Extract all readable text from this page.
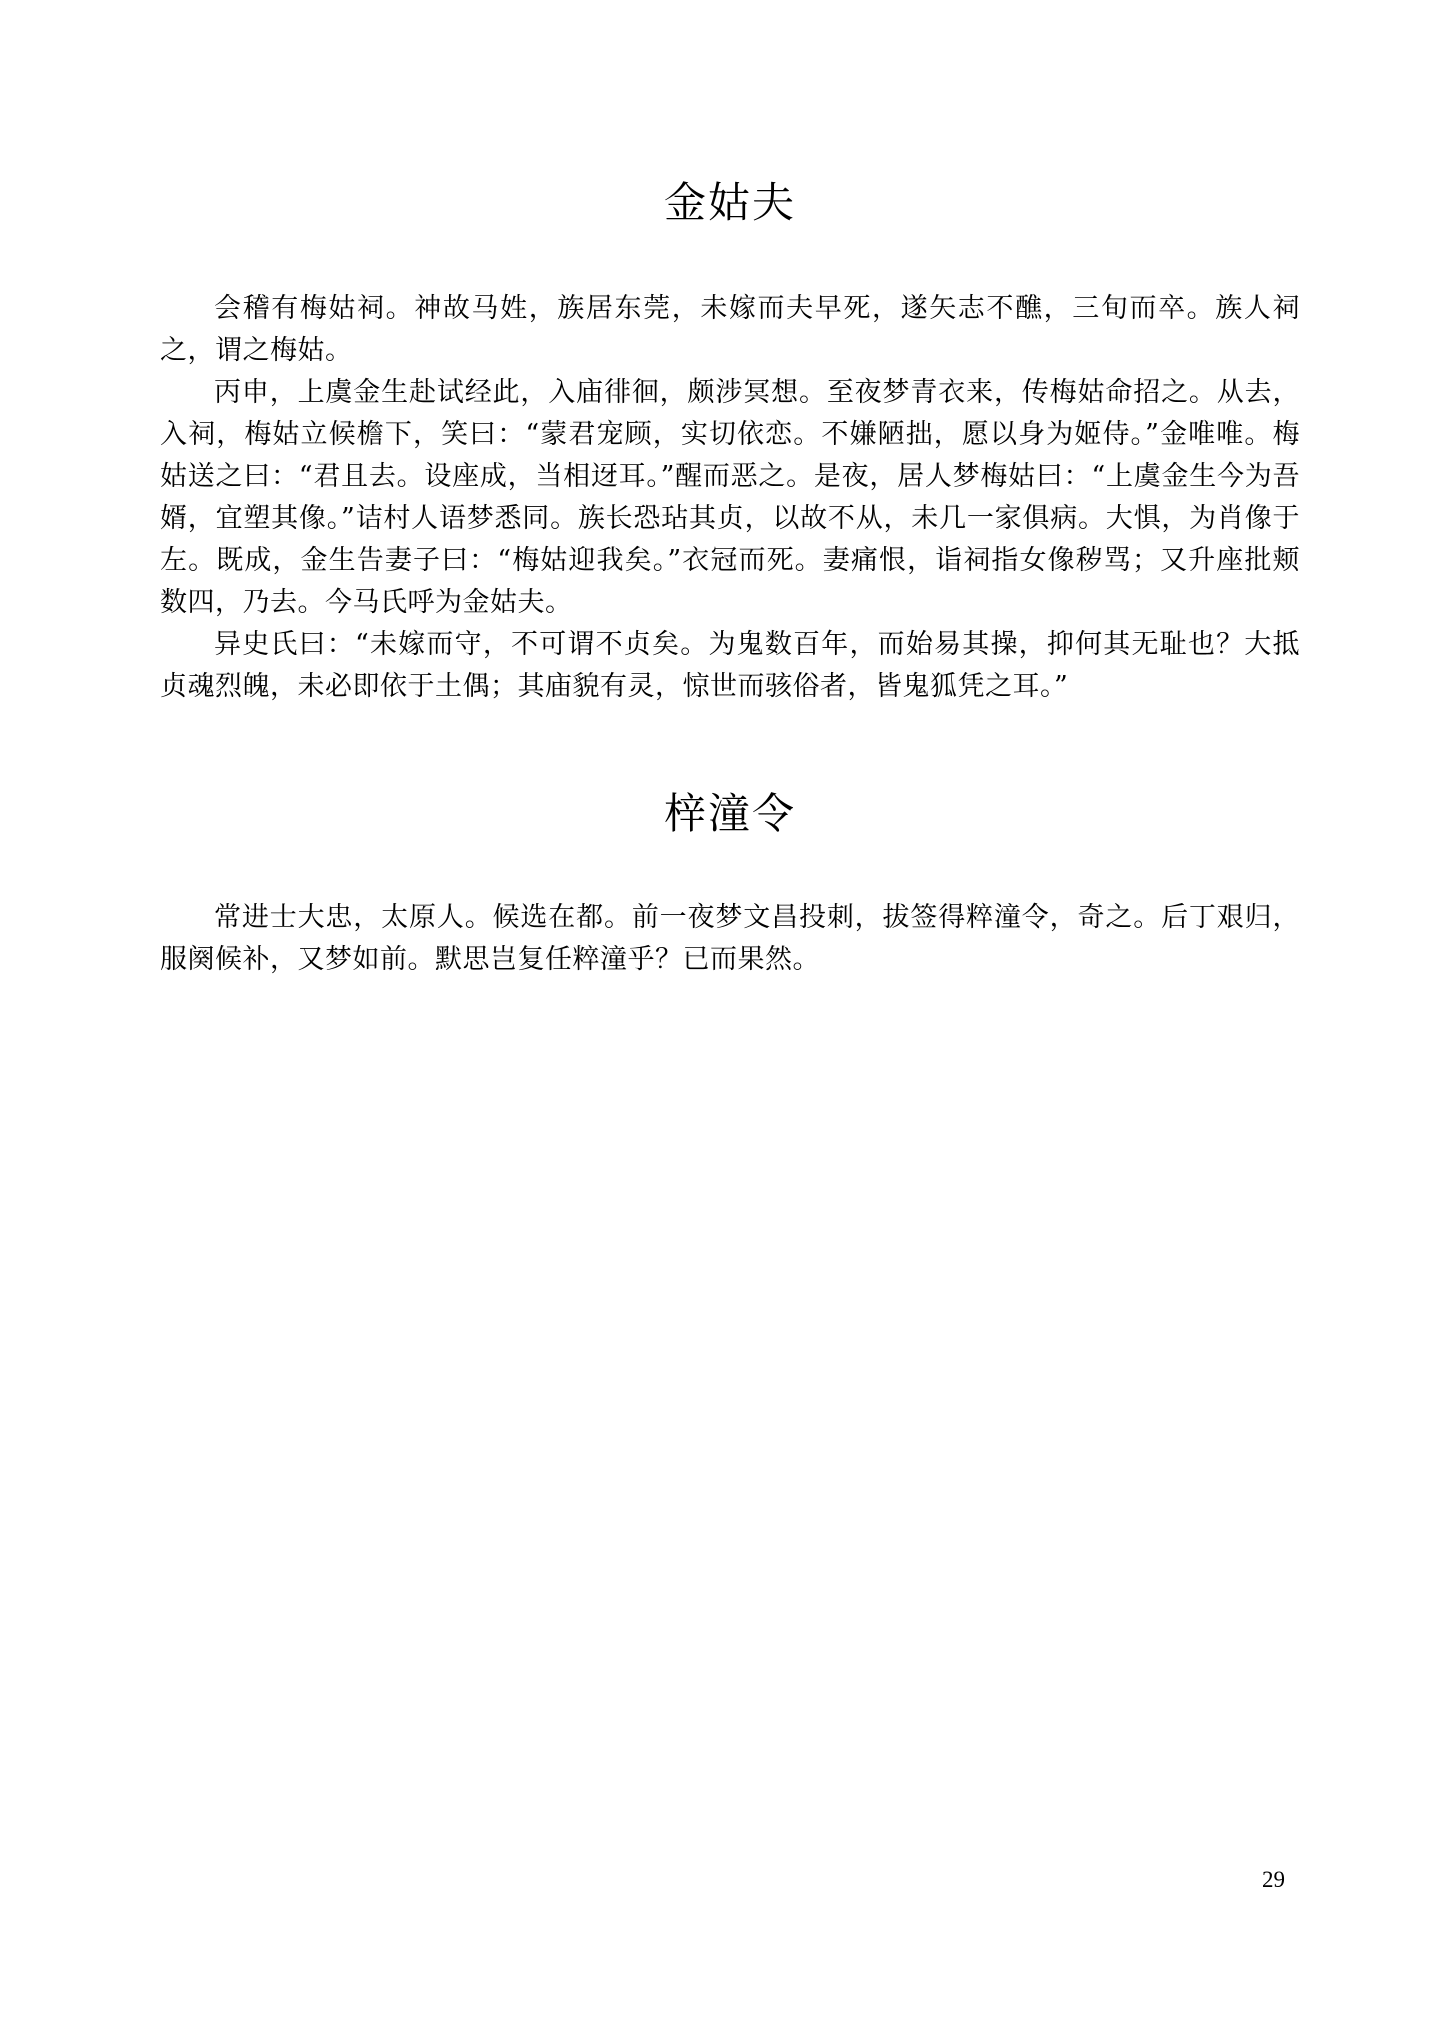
金姑夫

会稽有梅姑祠。神故马姓，族居东莞，未嫁而夫早死，遂矢志不醮，三旬而卒。族人祠之，谓之梅姑。

丙申，上虞金生赴试经此，入庙徘徊，颇涉冥想。至夜梦青衣来，传梅姑命招之。从去，入祠，梅姑立候檐下，笑曰：“蒙君宠顾，实切依恋。不嫌陋拙，愿以身为姬侍。”金唯唯。梅姑送之曰：“君且去。设座成，当相迓耳。”醒而恶之。是夜，居人梦梅姑曰：“上虞金生今为吾婿，宜塑其像。”诘村人语梦悉同。族长恐玷其贞，以故不从，未几一家俱病。大惧，为肖像于左。既成，金生告妻子曰：“梅姑迎我矣。”衣冠而死。妻痛恨，诣祠指女像秽骂；又升座批颊数四，乃去。今马氏呼为金姑夫。

异史氏曰：“未嫁而守，不可谓不贞矣。为鬼数百年，而始易其操，抑何其无耻也？大抵贞魂烈魄，未必即依于土偶；其庙貌有灵，惊世而骇俗者，皆鬼狐凭之耳。”

梓潼令

常进士大忠，太原人。候选在都。前一夜梦文昌投刺，拔签得粹潼令，奇之。后丁艰归，服阕候补，又梦如前。默思岂复任粹潼乎？已而果然。

29
